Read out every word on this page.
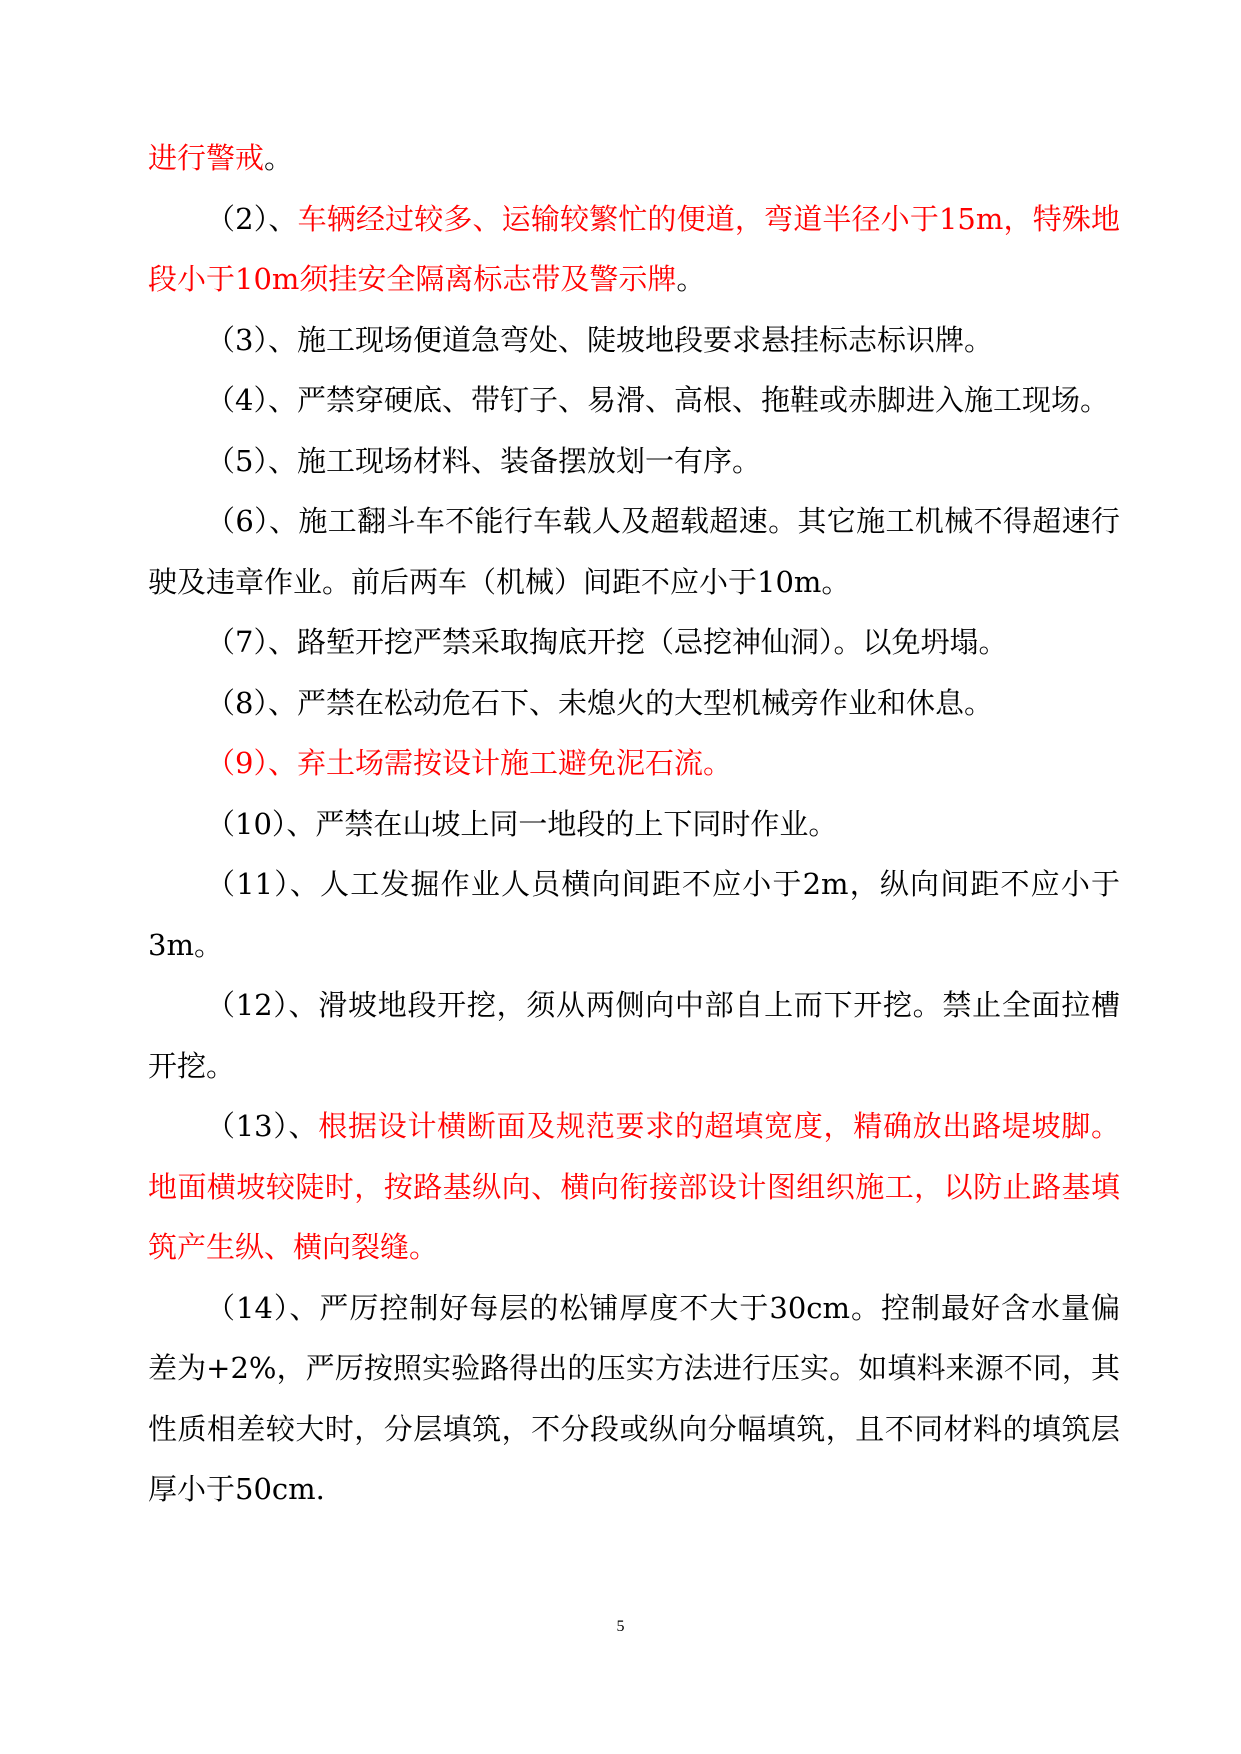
进行警戒。

（2）、车辆经过较多、运输较繁忙的便道，弯道半径小于15m，特殊地段小于10m须挂安全隔离标志带及警示牌。

（3）、施工现场便道急弯处、陡坡地段要求悬挂标志标识牌。

（4）、严禁穿硬底、带钉子、易滑、高根、拖鞋或赤脚进入施工现场。

（5）、施工现场材料、装备摆放划一有序。

（6）、施工翻斗车不能行车载人及超载超速。其它施工机械不得超速行驶及违章作业。前后两车（机械）间距不应小于10m。

（7）、路堑开挖严禁采取掏底开挖（忌挖神仙洞）。以免坍塌。

（8）、严禁在松动危石下、未熄火的大型机械旁作业和休息。

（9）、弃土场需按设计施工避免泥石流。

（10）、严禁在山坡上同一地段的上下同时作业。

（11）、人工发掘作业人员横向间距不应小于2m，纵向间距不应小于3m。

（12）、滑坡地段开挖，须从两侧向中部自上而下开挖。禁止全面拉槽开挖。

（13）、根据设计横断面及规范要求的超填宽度，精确放出路堤坡脚。地面横坡较陡时，按路基纵向、横向衔接部设计图组织施工，以防止路基填筑产生纵、横向裂缝。

（14）、严厉控制好每层的松铺厚度不大于30cm。控制最好含水量偏差为+2%，严厉按照实验路得出的压实方法进行压实。如填料来源不同，其性质相差较大时，分层填筑，不分段或纵向分幅填筑，且不同材料的填筑层厚小于50cm.

5
